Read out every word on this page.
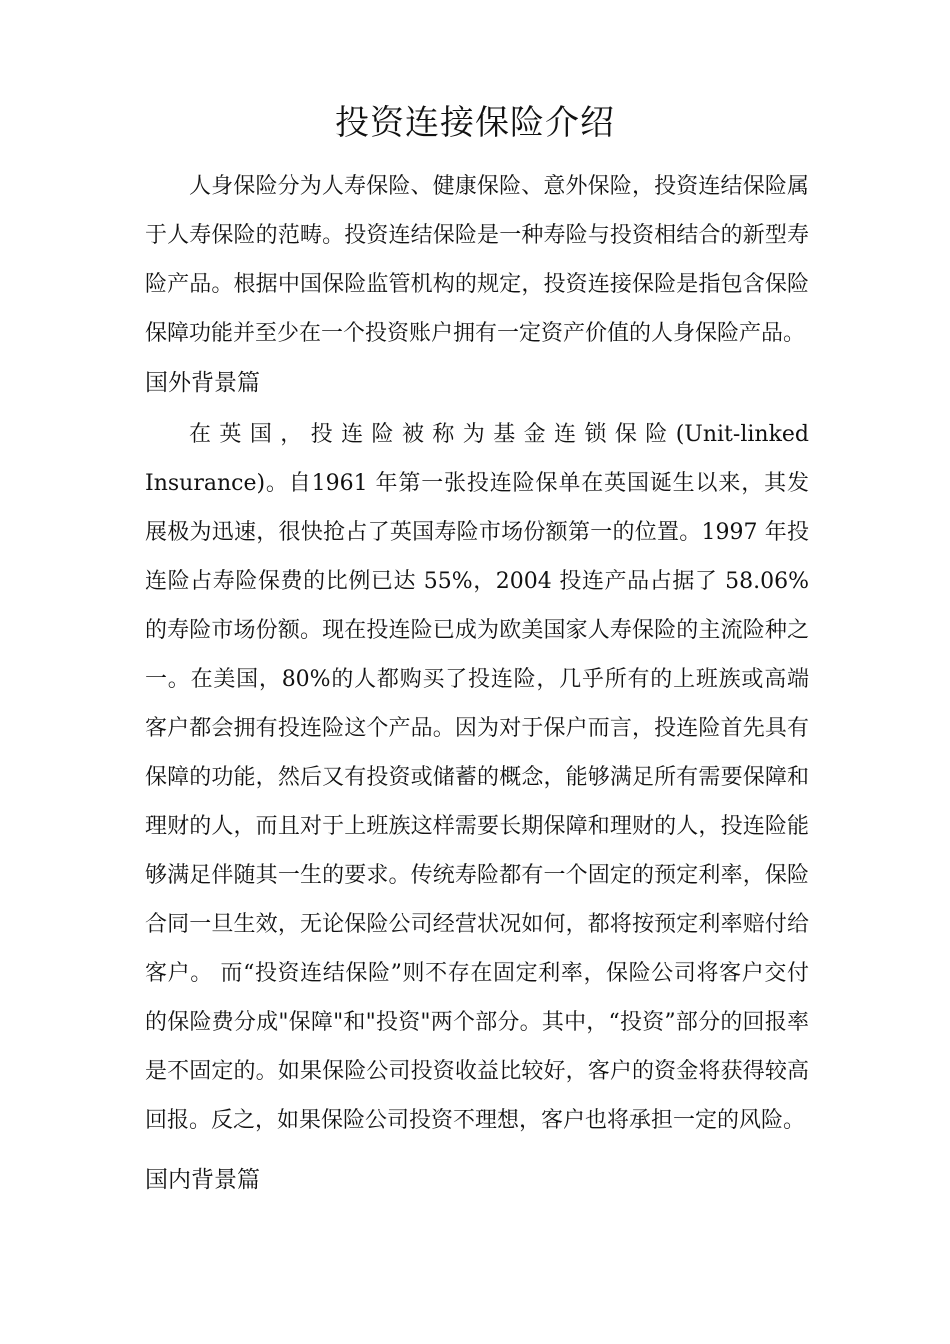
投资连接保险介绍

人身保险分为人寿保险、健康保险、意外保险，投资连结保险属于人寿保险的范畴。投资连结保险是一种寿险与投资相结合的新型寿险产品。根据中国保险监管机构的规定，投资连接保险是指包含保险保障功能并至少在一个投资账户拥有一定资产价值的人身保险产品。

国外背景篇

在英国，投连险被称为基金连锁保险(Unit-linked Insurance)。自1961 年第一张投连险保单在英国诞生以来，其发展极为迅速，很快抢占了英国寿险市场份额第一的位置。1997 年投连险占寿险保费的比例已达 55%，2004 投连产品占据了 58.06%的寿险市场份额。现在投连险已成为欧美国家人寿保险的主流险种之一。在美国，80%的人都购买了投连险，几乎所有的上班族或高端客户都会拥有投连险这个产品。因为对于保户而言，投连险首先具有保障的功能，然后又有投资或储蓄的概念，能够满足所有需要保障和理财的人，而且对于上班族这样需要长期保障和理财的人，投连险能够满足伴随其一生的要求。传统寿险都有一个固定的预定利率，保险合同一旦生效，无论保险公司经营状况如何，都将按预定利率赔付给客户。 而“投资连结保险”则不存在固定利率，保险公司将客户交付的保险费分成"保障"和"投资"两个部分。其中，“投资”部分的回报率是不固定的。如果保险公司投资收益比较好，客户的资金将获得较高回报。反之，如果保险公司投资不理想，客户也将承担一定的风险。

国内背景篇
